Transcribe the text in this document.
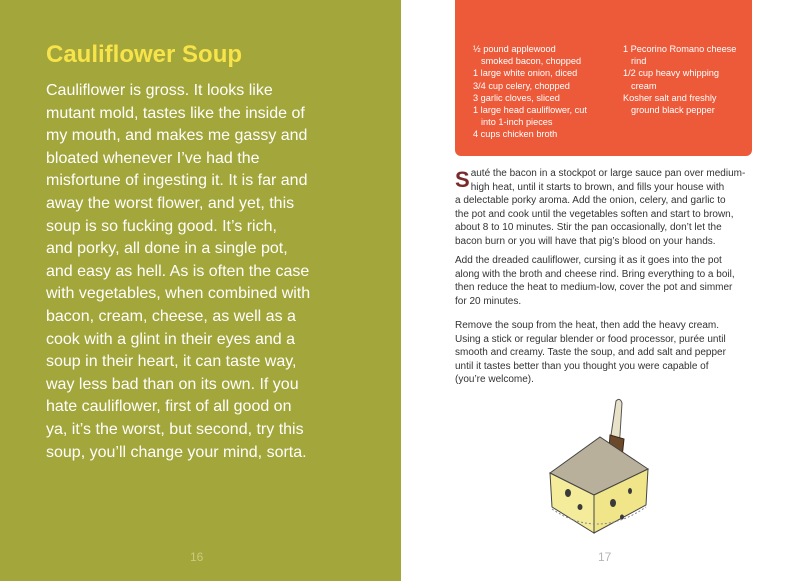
Cauliflower Soup
Cauliflower is gross. It looks like
mutant mold, tastes like the inside of
my mouth, and makes me gassy and
bloated whenever I’ve had the
misfortune of ingesting it. It is far and
away the worst flower, and yet, this
soup is so fucking good. It’s rich,
and porky, all done in a single pot,
and easy as hell. As is often the case
with vegetables, when combined with
bacon, cream, cheese, as well as a
cook with a glint in their eyes and a
soup in their heart, it can taste way,
way less bad than on its own. If you
hate cauliflower, first of all good on
ya, it’s the worst, but second, try this
soup, you’ll change your mind, sorta.
16	17
½ pound applewood
smoked bacon, chopped
1 large white onion, diced
3/4 cup celery, chopped
3 garlic cloves, sliced
1 large head cauliflower, cut
into 1-inch pieces
4 cups chicken broth
1 Pecorino Romano cheese
rind
1/2 cup heavy whipping
cream
Kosher salt and freshly
ground black pepper
S auté the bacon in a stockpot or large sauce pan over medium-
high heat, until it starts to brown, and fills your house with
a delectable porky aroma. Add the onion, celery, and garlic to
the pot and cook until the vegetables soften and start to brown,
about 8 to 10 minutes. Stir the pan occasionally, don’t let the
bacon burn or you will have that pig’s blood on your hands.
Add the dreaded cauliflower, cursing it as it goes into the pot
along with the broth and cheese rind. Bring everything to a boil,
then reduce the heat to medium-low, cover the pot and simmer
for 20 minutes.
Remove the soup from the heat, then add the heavy cream.
Using a stick or regular blender or food processor, purée until
smooth and creamy. Taste the soup, and add salt and pepper
until it tastes better than you thought you were capable of
(you’re welcome).
